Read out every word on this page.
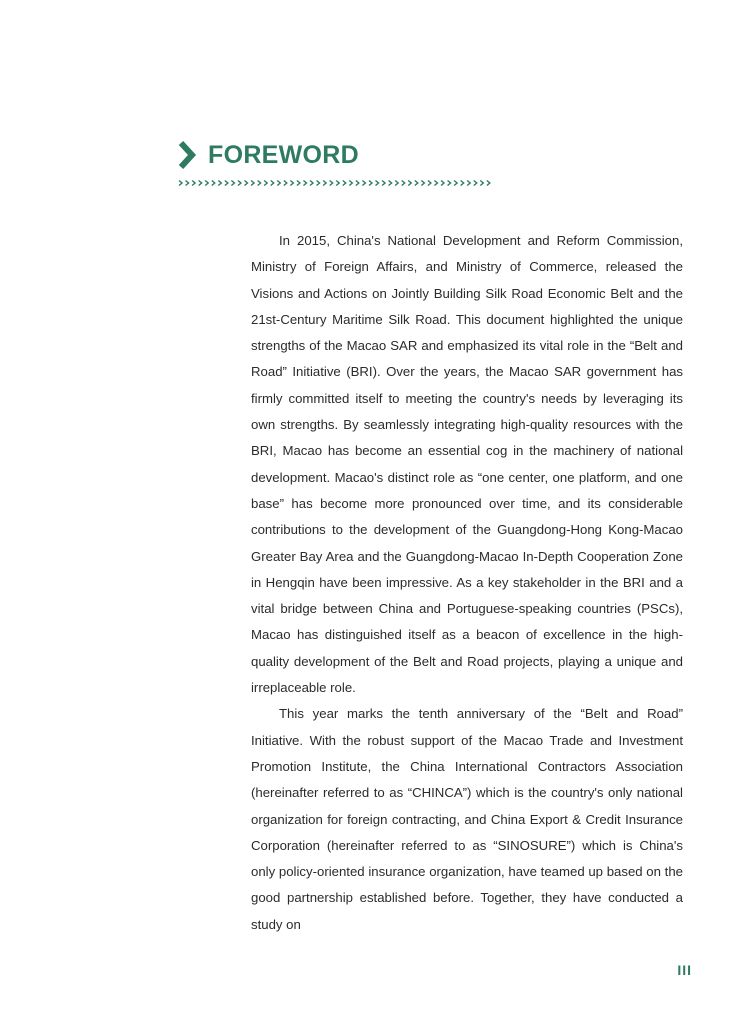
FOREWORD

In 2015, China's National Development and Reform Commission, Ministry of Foreign Affairs, and Ministry of Commerce, released the Visions and Actions on Jointly Building Silk Road Economic Belt and the 21st-Century Maritime Silk Road. This document highlighted the unique strengths of the Macao SAR and emphasized its vital role in the “Belt and Road” Initiative (BRI). Over the years, the Macao SAR government has firmly committed itself to meeting the country's needs by leveraging its own strengths. By seamlessly integrating high-quality resources with the BRI, Macao has become an essential cog in the machinery of national development. Macao's distinct role as “one center, one platform, and one base” has become more pronounced over time, and its considerable contributions to the development of the Guangdong-Hong Kong-Macao Greater Bay Area and the Guangdong-Macao In-Depth Cooperation Zone in Hengqin have been impressive. As a key stakeholder in the BRI and a vital bridge between China and Portuguese-speaking countries (PSCs), Macao has distinguished itself as a beacon of excellence in the high-quality development of the Belt and Road projects, playing a unique and irreplaceable role.

This year marks the tenth anniversary of the “Belt and Road” Initiative. With the robust support of the Macao Trade and Investment Promotion Institute, the China International Contractors Association (hereinafter referred to as “CHINCA”) which is the country's only national organization for foreign contracting, and China Export & Credit Insurance Corporation (hereinafter referred to as “SINOSURE”) which is China's only policy-oriented insurance organization, have teamed up based on the good partnership established before. Together, they have conducted a study on

III
